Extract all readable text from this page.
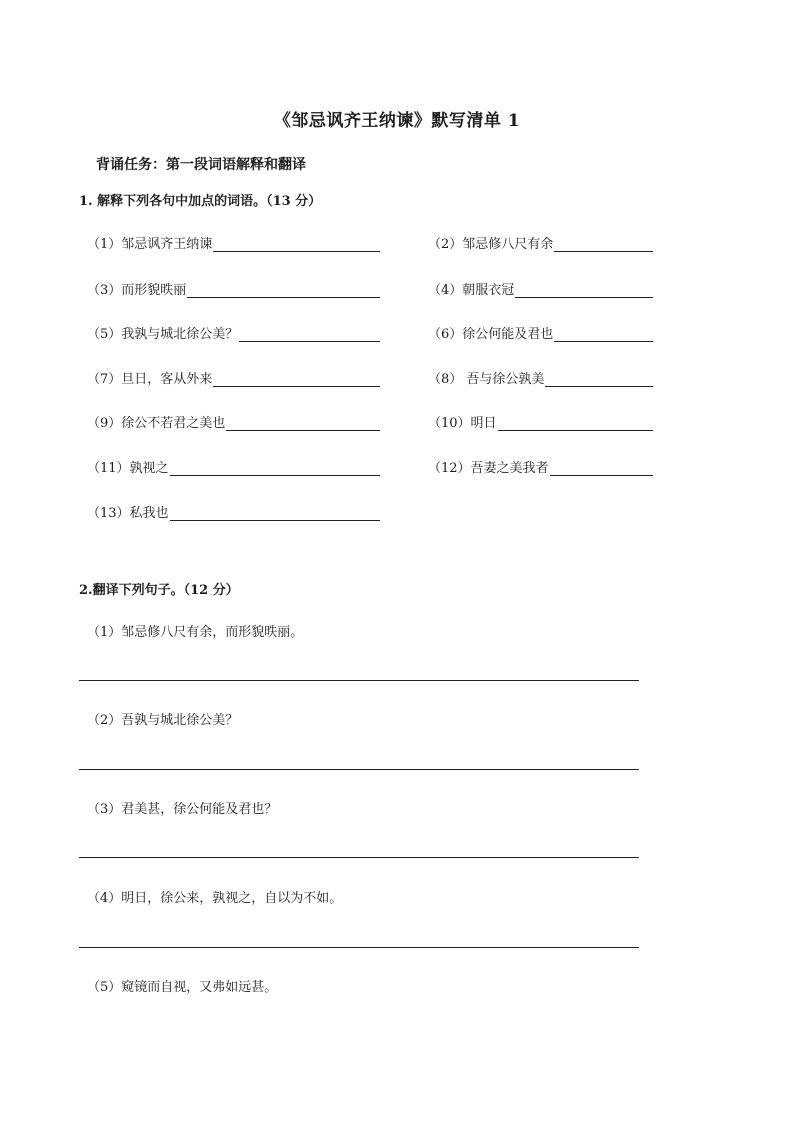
《邹忌讽齐王纳谏》默写清单 1
背诵任务：第一段词语解释和翻译
1. 解释下列各句中加点的词语。（13 分）
（1） 邹忌讽齐王纳谏	（2） 邹忌修八尺有余
（3） 而形貌昳丽	（4） 朝服衣冠
（5） 我孰与城北徐公美？	（6） 徐公何能及君也
（7） 旦日，客从外来	（8） 吾与徐公孰美
（9） 徐公不若君之美也	（10） 明日
（11） 孰视之	（12） 吾妻之美我者
（13） 私我也
2.翻译下列句子。（12 分）
（1）邹忌修八尺有余，而形貌昳丽。
（2）吾孰与城北徐公美？
（3）君美甚，徐公何能及君也？
（4）明日，徐公来，孰视之，自以为不如。
（5）窥镜而自视，又弗如远甚。
